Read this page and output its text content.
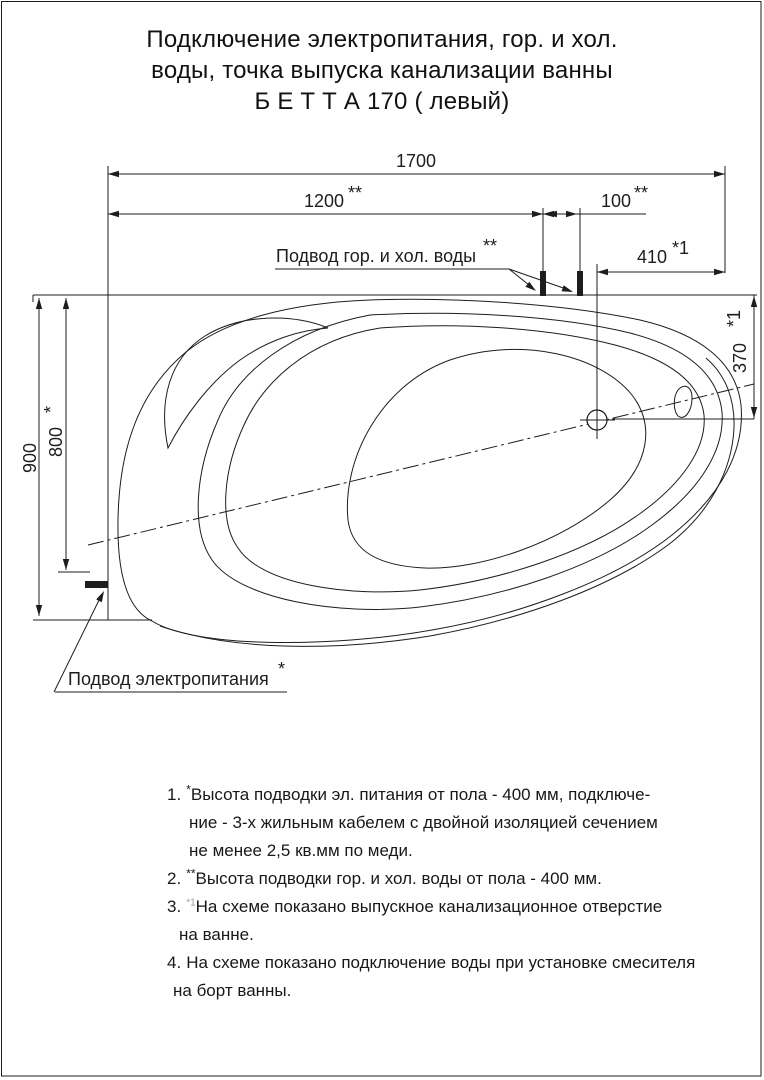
Подключение электропитания, гор. и хол.
воды, точка выпуска канализации ванны
Б Е Т Т А 170 ( левый)
1700
1200 **	100 **
410 *1
370
*1
900
800
*
Подвод гор. и хол. воды **
Подвод электропитания *
1. *Высота подводки эл. питания от пола - 400 мм, подключе-
ние - 3-х жильным кабелем с двойной изоляцией сечением
не менее 2,5 кв.мм по меди.
2. **Высота подводки гор. и хол. воды от пола - 400 мм.
3. $^{*1}$На схеме показано выпускное канализационное отверстие
на ванне.
4. На схеме показано подключение воды при установке смесителя
на борт ванны.
